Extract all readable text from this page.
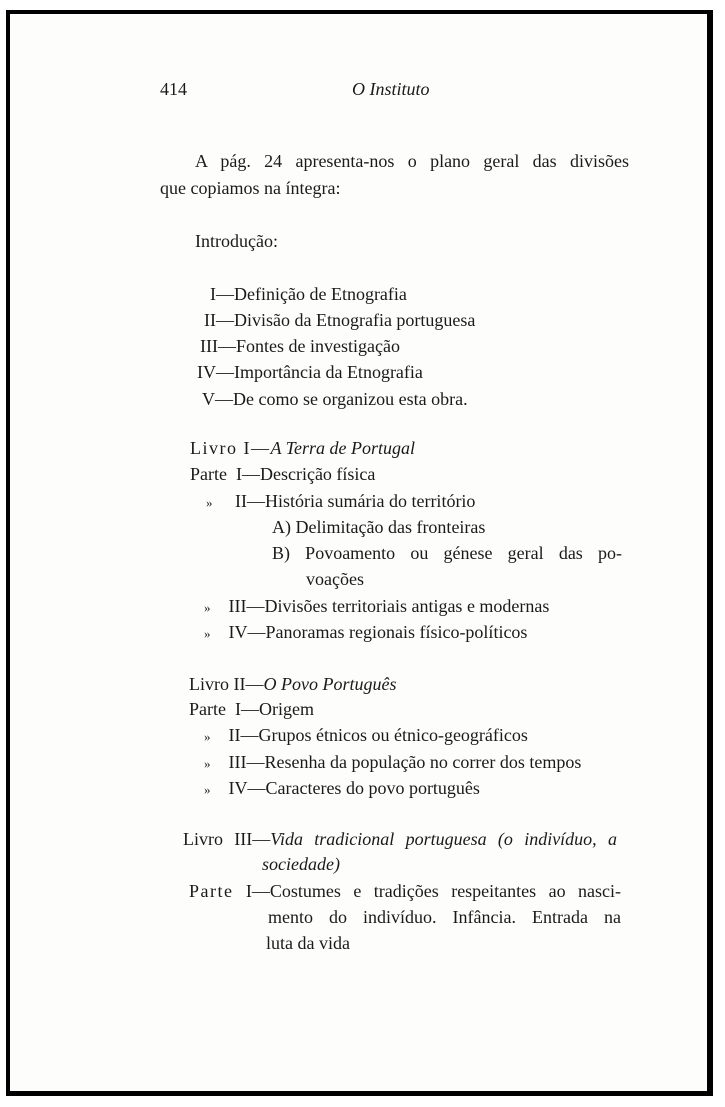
414	O Instituto
A pág. 24 apresenta-nos o plano geral das divisões
que copiamos na íntegra:
Introdução:
I—Definição de Etnografia
II—Divisão da Etnografia portuguesa
III—Fontes de investigação
IV—Importância da Etnografia
V—De como se organizou esta obra.
Livro I—A Terra de Portugal
Parte I—Descrição física
» II—História sumária do território
A) Delimitação das fronteiras
B) Povoamento ou génese geral das po-
voações
» III—Divisões territoriais antigas e modernas
» IV—Panoramas regionais físico-políticos
Livro II—O Povo Português
Parte I—Origem
» II—Grupos étnicos ou étnico-geográficos
» III—Resenha da população no correr dos tempos
» IV—Caracteres do povo português
Livro III—Vida tradicional portuguesa (o indivíduo, a
sociedade)
Parte I—Costumes e tradições respeitantes ao nasci-
mento do indivíduo. Infância. Entrada na
luta da vida
